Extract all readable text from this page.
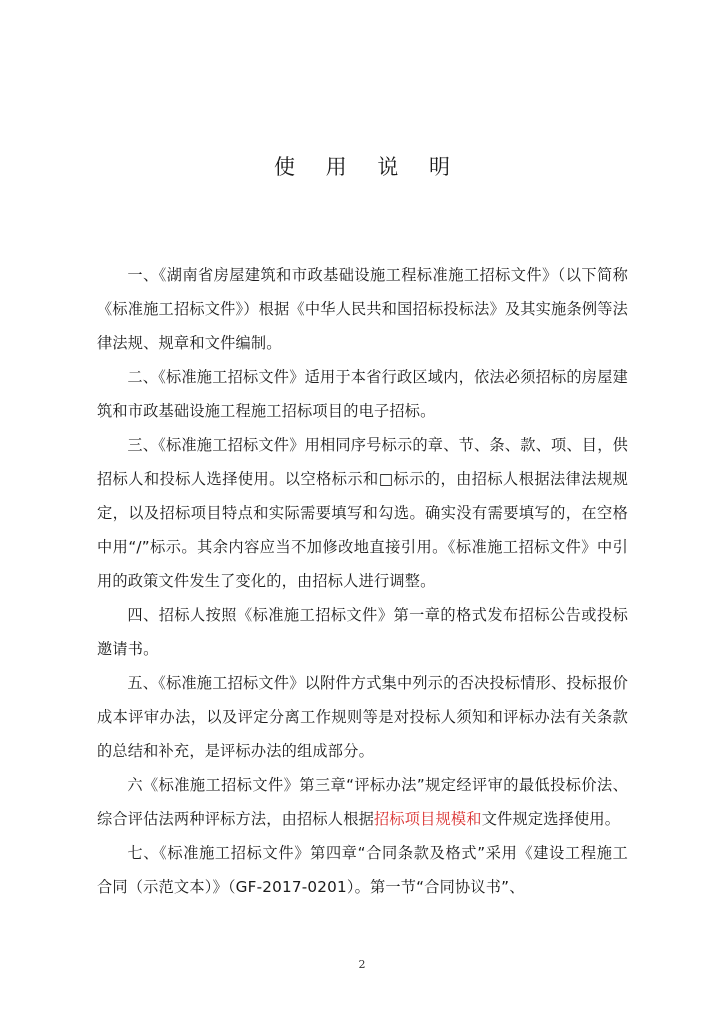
使 用 说 明

一、《湖南省房屋建筑和市政基础设施工程标准施工招标文件》（以下简称《标准施工招标文件》）根据《中华人民共和国招标投标法》及其实施条例等法律法规、规章和文件编制。

二、《标准施工招标文件》适用于本省行政区域内，依法必须招标的房屋建筑和市政基础设施工程施工招标项目的电子招标。

三、《标准施工招标文件》用相同序号标示的章、节、条、款、项、目，供招标人和投标人选择使用。以空格标示和□标示的，由招标人根据法律法规规定，以及招标项目特点和实际需要填写和勾选。确实没有需要填写的，在空格中用“/”标示。其余内容应当不加修改地直接引用。《标准施工招标文件》中引用的政策文件发生了变化的，由招标人进行调整。

四、招标人按照《标准施工招标文件》第一章的格式发布招标公告或投标邀请书。

五、《标准施工招标文件》以附件方式集中列示的否决投标情形、投标报价成本评审办法，以及评定分离工作规则等是对投标人须知和评标办法有关条款的总结和补充，是评标办法的组成部分。

六《标准施工招标文件》第三章“评标办法”规定经评审的最低投标价法、综合评估法两种评标方法，由招标人根据招标项目规模和文件规定选择使用。

七、《标准施工招标文件》第四章“合同条款及格式”采用《建设工程施工合同（示范文本）》（GF-2017-0201）。第一节“合同协议书”、

2
